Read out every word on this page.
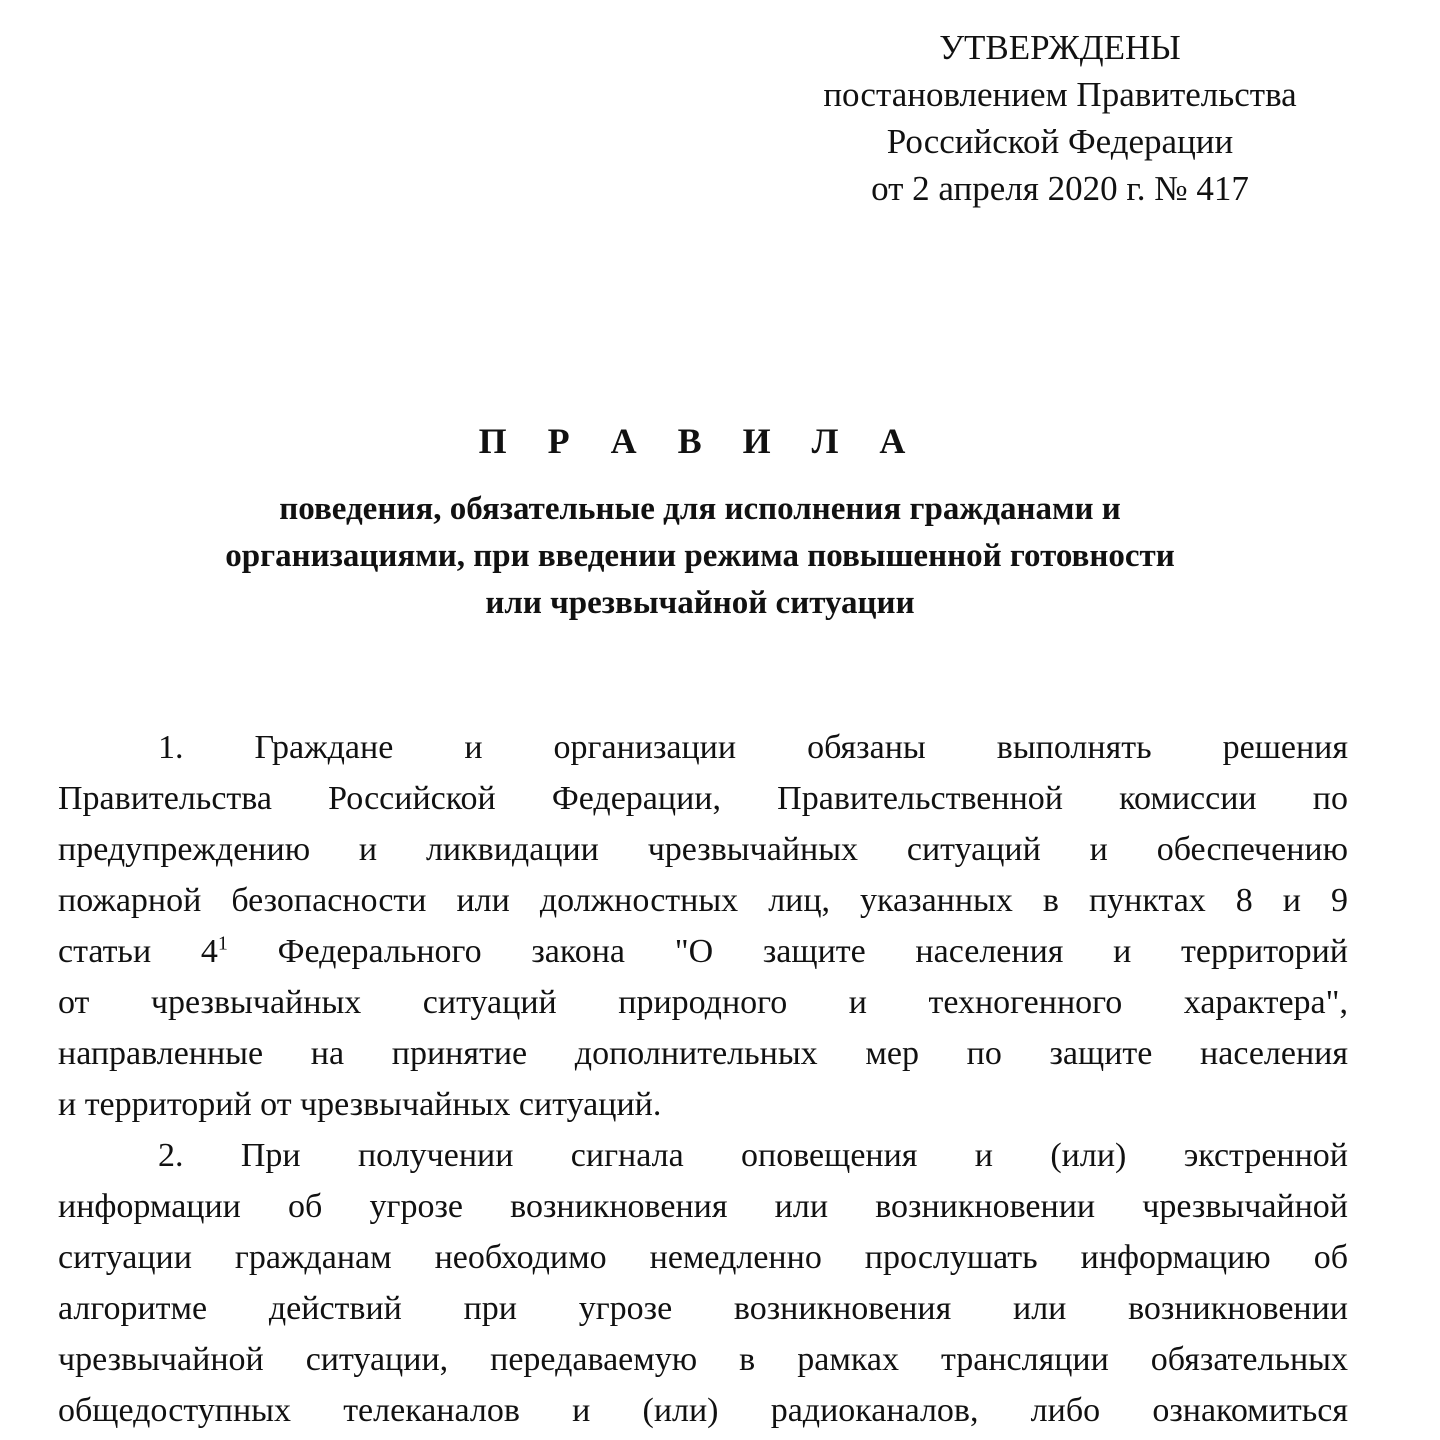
УТВЕРЖДЕНЫ
постановлением Правительства
Российской Федерации
от 2 апреля 2020 г. № 417
П Р А В И Л А
поведения, обязательные для исполнения гражданами и
организациями, при введении режима повышенной готовности
или чрезвычайной ситуации
1. Граждане и организации обязаны выполнять решения
Правительства Российской Федерации, Правительственной комиссии по
предупреждению и ликвидации чрезвычайных ситуаций и обеспечению
пожарной безопасности или должностных лиц, указанных в пунктах 8 и 9
статьи $4^1$ Федерального закона "О защите населения и территорий
от чрезвычайных ситуаций природного и техногенного характера",
направленные на принятие дополнительных мер по защите населения
и территорий от чрезвычайных ситуаций.
2. При получении сигнала оповещения и (или) экстренной
информации об угрозе возникновения или возникновении чрезвычайной
ситуации гражданам необходимо немедленно прослушать информацию об
алгоритме действий при угрозе возникновения или возникновении
чрезвычайной ситуации, передаваемую в рамках трансляции обязательных
общедоступных телеканалов и (или) радиоканалов, либо ознакомиться
